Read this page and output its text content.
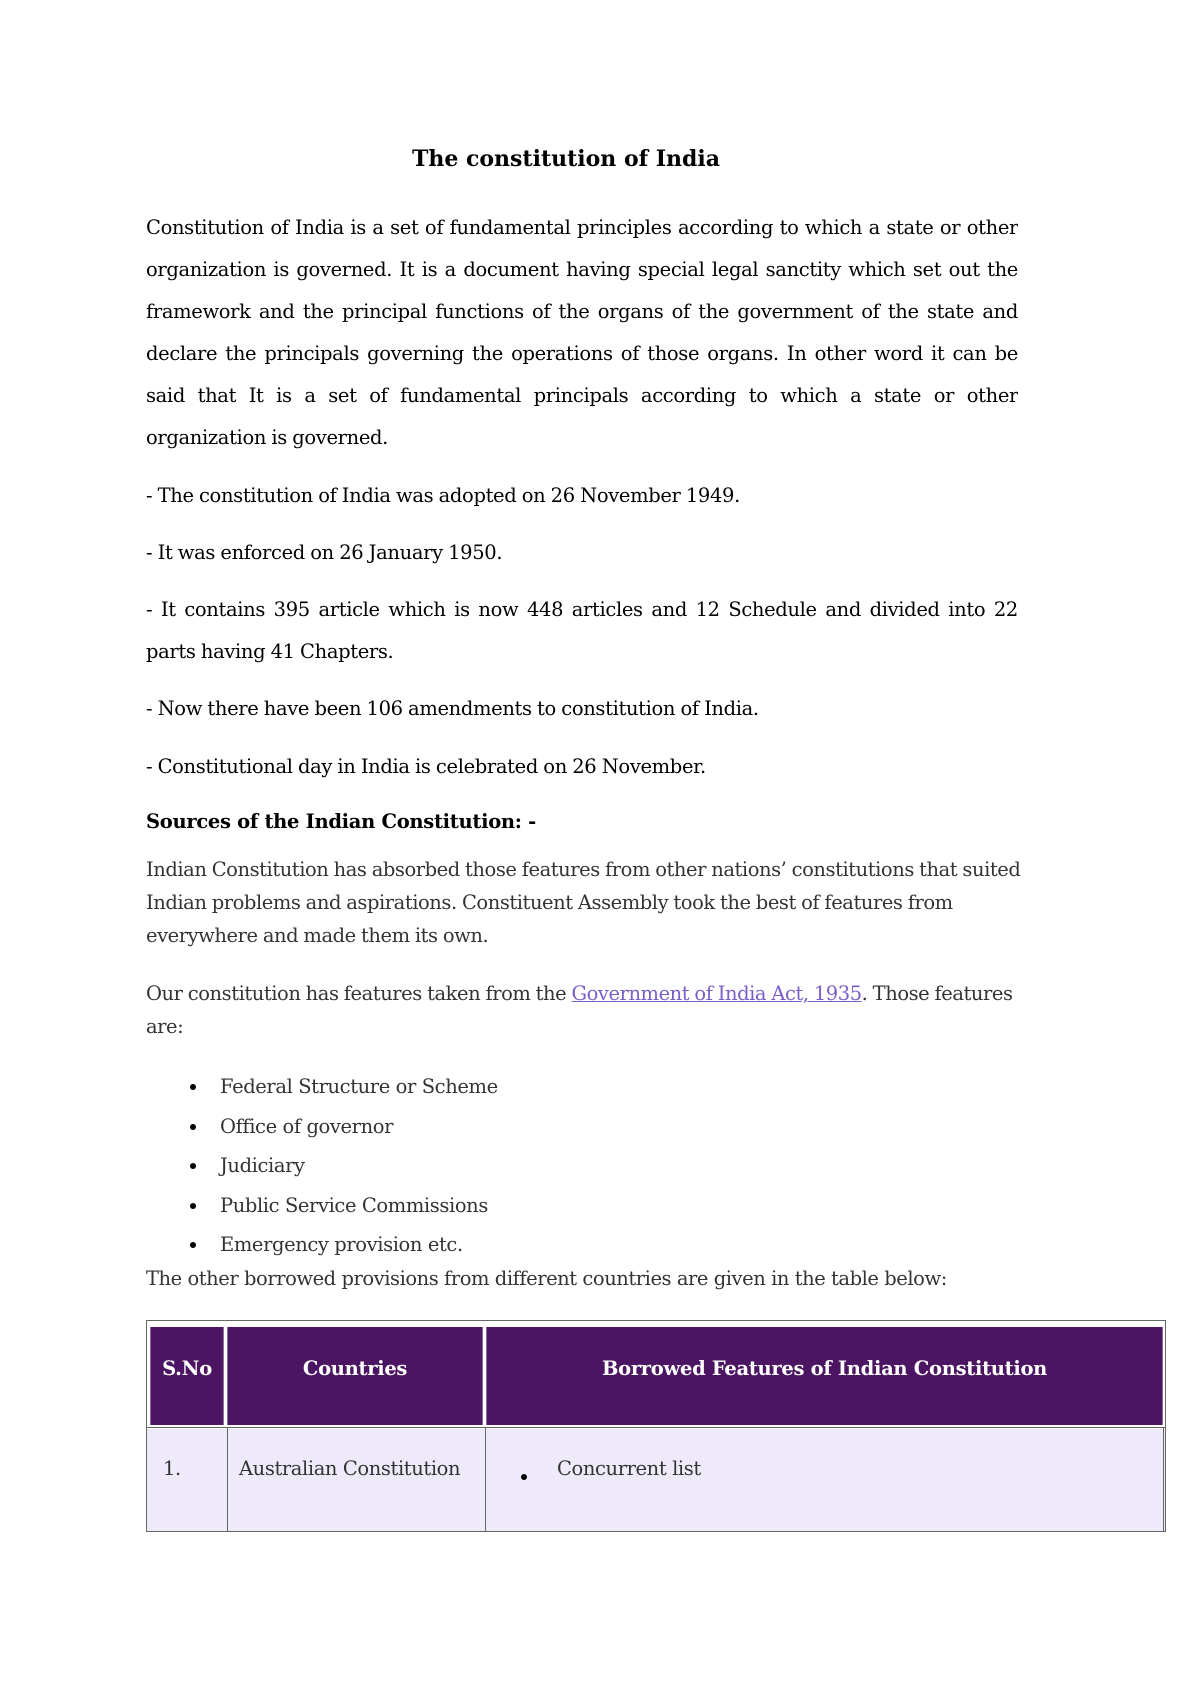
The constitution of India
Constitution of India is a set of fundamental principles according to which a state or other
organization is governed. It is a document having special legal sanctity which set out the
framework and the principal functions of the organs of the government of the state and
declare the principals governing the operations of those organs. In other word it can be
said that It is a set of fundamental principals according to which a state or other
organization is governed.
- The constitution of India was adopted on 26 November 1949.
- It was enforced on 26 January 1950.
- It contains 395 article which is now 448 articles and 12 Schedule and divided into 22
parts having 41 Chapters.
- Now there have been 106 amendments to constitution of India.
- Constitutional day in India is celebrated on 26 November.
Sources of the Indian Constitution: -
Indian Constitution has absorbed those features from other nations’ constitutions that suited
Indian problems and aspirations. Constituent Assembly took the best of features from
everywhere and made them its own.
Our constitution has features taken from the Government of India Act, 1935. Those features
are:
Federal Structure or Scheme
Office of governor
Judiciary
Public Service Commissions
Emergency provision etc.
The other borrowed provisions from different countries are given in the table below:
S.No	Countries	Borrowed Features of Indian Constitution
1.	Australian Constitution	Concurrent list
